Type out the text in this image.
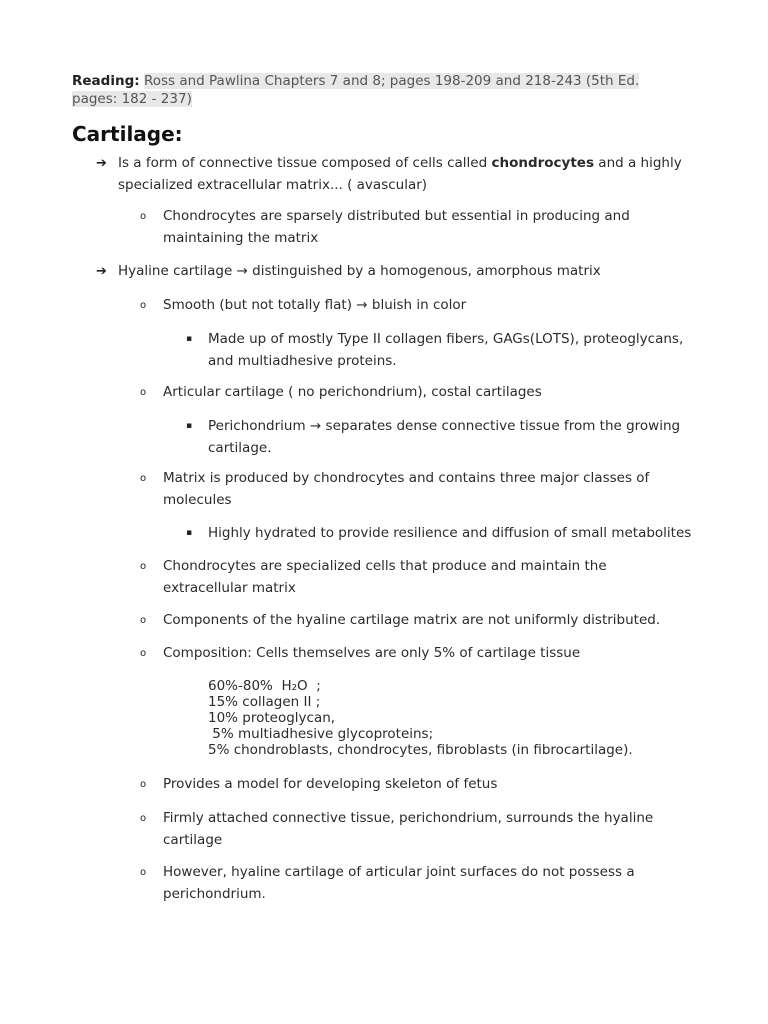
Reading: Ross and Pawlina Chapters 7 and 8; pages 198-209 and 218-243 (5th Ed. pages: 182 - 237)
Cartilage:
➔ Is a form of connective tissue composed of cells called chondrocytes and a highly specialized extracellular matrix... ( avascular)
o Chondrocytes are sparsely distributed but essential in producing and maintaining the matrix
➔ Hyaline cartilage → distinguished by a homogenous, amorphous matrix
o Smooth (but not totally flat) → bluish in color
▪ Made up of mostly Type II collagen fibers, GAGs(LOTS), proteoglycans, and multiadhesive proteins.
o Articular cartilage ( no perichondrium), costal cartilages
▪ Perichondrium → separates dense connective tissue from the growing cartilage.
o Matrix is produced by chondrocytes and contains three major classes of molecules
▪ Highly hydrated to provide resilience and diffusion of small metabolites
o Chondrocytes are specialized cells that produce and maintain the extracellular matrix
o Components of the hyaline cartilage matrix are not uniformly distributed.
o Composition: Cells themselves are only 5% of cartilage tissue
60%-80%  H₂O  ;
15% collagen II ;
10% proteoglycan,
5% multiadhesive glycoproteins;
5% chondroblasts, chondrocytes, fibroblasts (in fibrocartilage).
o Provides a model for developing skeleton of fetus
o Firmly attached connective tissue, perichondrium, surrounds the hyaline cartilage
o However, hyaline cartilage of articular joint surfaces do not possess a perichondrium.
